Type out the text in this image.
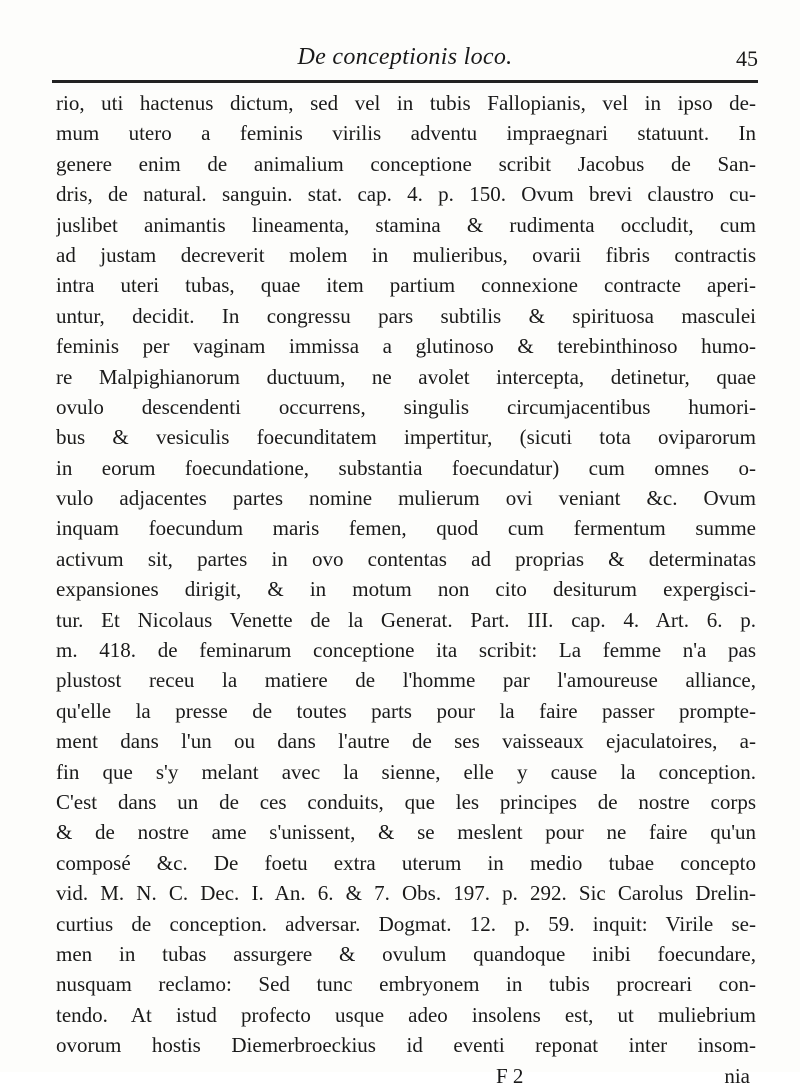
De conceptionis loco.	45
rio, uti hactenus dictum, sed vel in tubis Fallopianis, vel in ipso de-
mum utero a feminis virilis adventu impraegnari statuunt. In
genere enim de animalium conceptione scribit Jacobus de San-
dris, de natural. sanguin. stat. cap. 4. p. 150. Ovum brevi claustro cu-
juslibet animantis lineamenta, stamina & rudimenta occludit, cum
ad justam decreverit molem in mulieribus, ovarii fibris contractis
intra uteri tubas, quae item partium connexione contracte aperi-
untur, decidit. In congressu pars subtilis & spirituosa masculei
feminis per vaginam immissa a glutinoso & terebinthinoso humo-
re Malpighianorum ductuum, ne avolet intercepta, detinetur, quae
ovulo descendenti occurrens, singulis circumjacentibus humori-
bus & vesiculis foecunditatem impertitur, (sicuti tota oviparorum
in eorum foecundatione, substantia foecundatur) cum omnes o-
vulo adjacentes partes nomine mulierum ovi veniant &c. Ovum
inquam foecundum maris femen, quod cum fermentum summe
activum sit, partes in ovo contentas ad proprias & determinatas
expansiones dirigit, & in motum non cito desiturum expergisci-
tur. Et Nicolaus Venette de la Generat. Part. III. cap. 4. Art. 6. p.
m. 418. de feminarum conceptione ita scribit: La femme n'a pas
plustost receu la matiere de l'homme par l'amoureuse alliance,
qu'elle la presse de toutes parts pour la faire passer prompte-
ment dans l'un ou dans l'autre de ses vaisseaux ejaculatoires, a-
fin que s'y melant avec la sienne, elle y cause la conception.
C'est dans un de ces conduits, que les principes de nostre corps
& de nostre ame s'unissent, & se meslent pour ne faire qu'un
composé &c. De foetu extra uterum in medio tubae concepto
vid. M. N. C. Dec. I. An. 6. & 7. Obs. 197. p. 292. Sic Carolus Drelin-
curtius de conception. adversar. Dogmat. 12. p. 59. inquit: Virile se-
men in tubas assurgere & ovulum quandoque inibi foecundare,
nusquam reclamo: Sed tunc embryonem in tubis procreari con-
tendo. At istud profecto usque adeo insolens est, ut muliebrium
ovorum hostis Diemerbroeckius id eventi reponat inter insom-
F 2	nia
